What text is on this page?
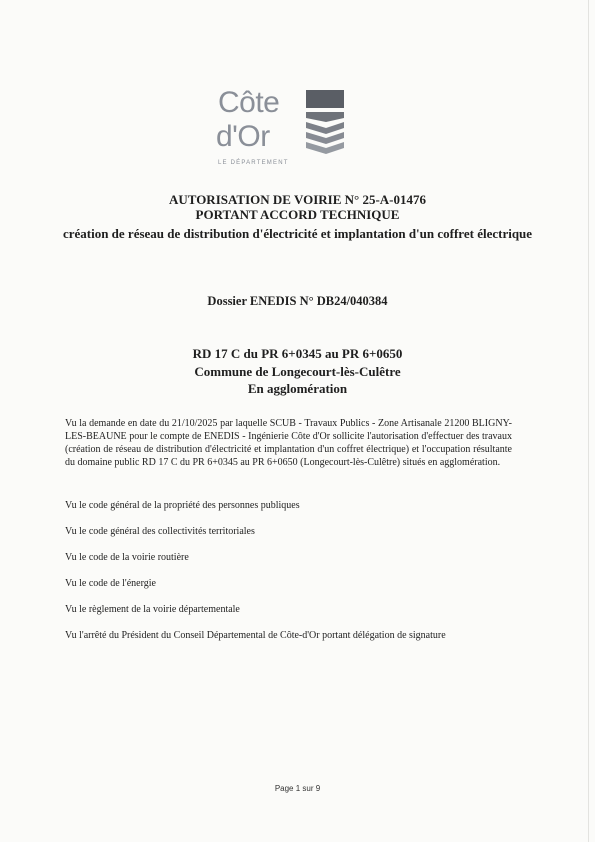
Côte
d'Or
LE DÉPARTEMENT
AUTORISATION DE VOIRIE N° 25-A-01476
PORTANT ACCORD TECHNIQUE
création de réseau de distribution d'électricité et implantation d'un coffret électrique
Dossier ENEDIS N° DB24/040384
RD 17 C du PR 6+0345 au PR 6+0650
Commune de Longecourt-lès-Culêtre
En agglomération
Vu la demande en date du 21/10/2025 par laquelle SCUB - Travaux Publics - Zone Artisanale 21200 BLIGNY-LES-BEAUNE pour le compte de ENEDIS - Ingénierie Côte d'Or sollicite l'autorisation d'effectuer des travaux (création de réseau de distribution d'électricité et implantation d'un coffret électrique) et l'occupation résultante du domaine public RD 17 C du PR 6+0345 au PR 6+0650 (Longecourt-lès-Culêtre) situés en agglomération.
Vu le code général de la propriété des personnes publiques
Vu le code général des collectivités territoriales
Vu le code de la voirie routière
Vu le code de l'énergie
Vu le règlement de la voirie départementale
Vu l'arrêté du Président du Conseil Départemental de Côte-d'Or portant délégation de signature
Page 1 sur 9
